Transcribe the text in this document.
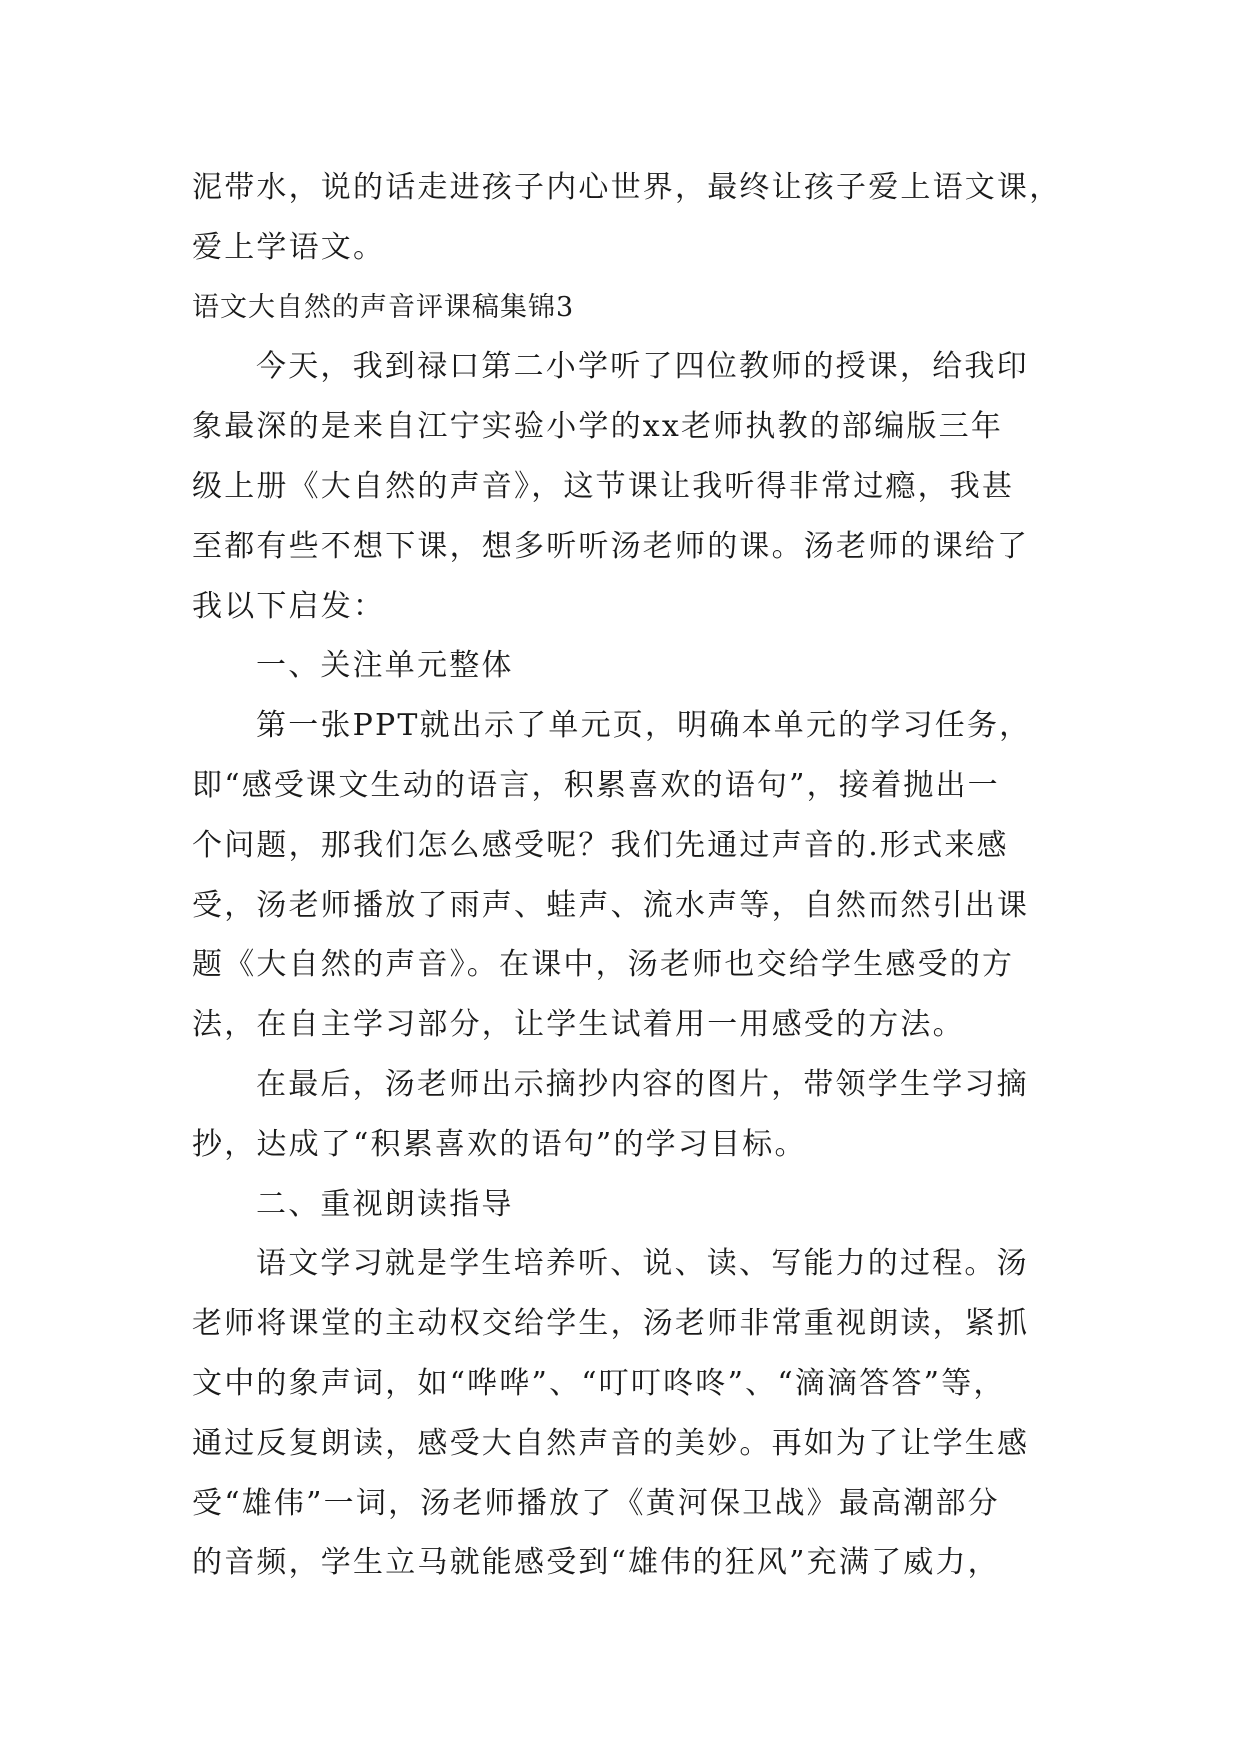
泥带水，说的话走进孩子内心世界，最终让孩子爱上语文课，
爱上学语文。
语文大自然的声音评课稿集锦3
今天，我到禄口第二小学听了四位教师的授课，给我印
象最深的是来自江宁实验小学的xx老师执教的部编版三年
级上册《大自然的声音》，这节课让我听得非常过瘾，我甚
至都有些不想下课，想多听听汤老师的课。汤老师的课给了
我以下启发：
一、关注单元整体
第一张PPT就出示了单元页，明确本单元的学习任务，
即“感受课文生动的语言，积累喜欢的语句”，接着抛出一
个问题，那我们怎么感受呢？我们先通过声音的.形式来感
受，汤老师播放了雨声、蛙声、流水声等，自然而然引出课
题《大自然的声音》。在课中，汤老师也交给学生感受的方
法，在自主学习部分，让学生试着用一用感受的方法。
在最后，汤老师出示摘抄内容的图片，带领学生学习摘
抄，达成了“积累喜欢的语句”的学习目标。
二、重视朗读指导
语文学习就是学生培养听、说、读、写能力的过程。汤
老师将课堂的主动权交给学生，汤老师非常重视朗读，紧抓
文中的象声词，如“哗哗”、“叮叮咚咚”、“滴滴答答”等，
通过反复朗读，感受大自然声音的美妙。再如为了让学生感
受“雄伟”一词，汤老师播放了《黄河保卫战》最高潮部分
的音频，学生立马就能感受到“雄伟的狂风”充满了威力，
